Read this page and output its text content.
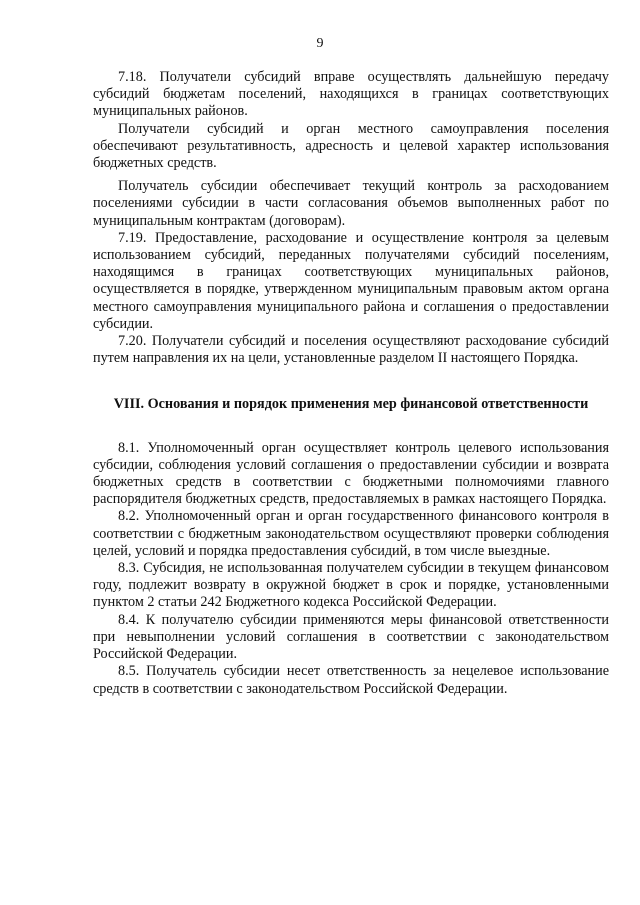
9

7.18. Получатели субсидий вправе осуществлять дальнейшую передачу субсидий бюджетам поселений, находящихся в границах соответствующих муниципальных районов.

Получатели субсидий и орган местного самоуправления поселения обеспечивают результативность, адресность и целевой характер использования бюджетных средств.

Получатель субсидии обеспечивает текущий контроль за расходованием поселениями субсидии в части согласования объемов выполненных работ по муниципальным контрактам (договорам).

7.19. Предоставление, расходование и осуществление контроля за целевым использованием субсидий, переданных получателями субсидий поселениям, находящимся в границах соответствующих муниципальных районов, осуществляется в порядке, утвержденном муниципальным правовым актом органа местного самоуправления муниципального района и соглашения о предоставлении субсидии.

7.20. Получатели субсидий и поселения осуществляют расходование субсидий путем направления их на цели, установленные разделом II настоящего Порядка.

VIII. Основания и порядок применения мер финансовой ответственности

8.1. Уполномоченный орган осуществляет контроль целевого использования субсидии, соблюдения условий соглашения о предоставлении субсидии и возврата бюджетных средств в соответствии с бюджетными полномочиями главного распорядителя бюджетных средств, предоставляемых в рамках настоящего Порядка.

8.2. Уполномоченный орган и орган государственного финансового контроля в соответствии с бюджетным законодательством осуществляют проверки соблюдения целей, условий и порядка предоставления субсидий, в том числе выездные.

8.3. Субсидия, не использованная получателем субсидии в текущем финансовом году, подлежит возврату в окружной бюджет в срок и порядке, установленными пунктом 2 статьи 242 Бюджетного кодекса Российской Федерации.

8.4. К получателю субсидии применяются меры финансовой ответственности при невыполнении условий соглашения в соответствии с законодательством Российской Федерации.

8.5. Получатель субсидии несет ответственность за нецелевое использование средств в соответствии с законодательством Российской Федерации.
